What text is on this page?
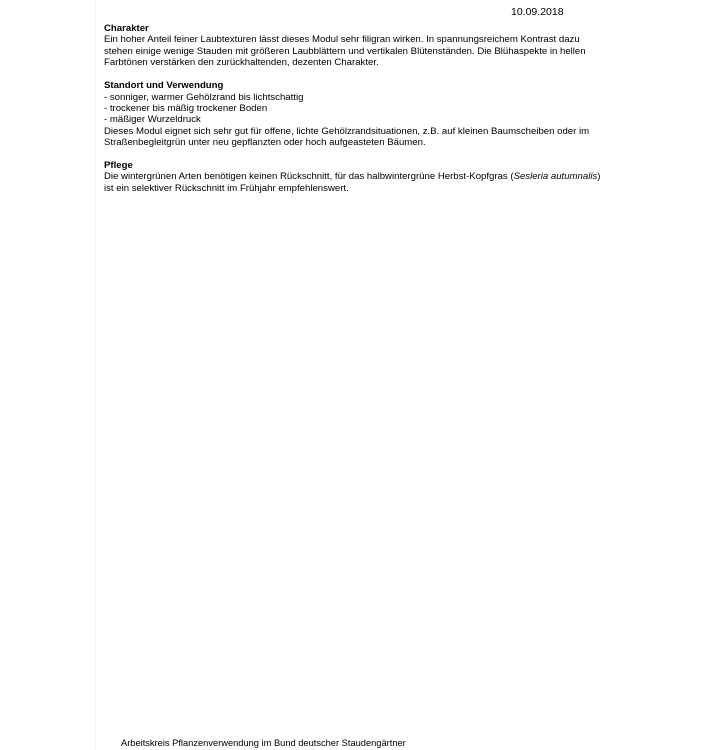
10.09.2018

Charakter

Ein hoher Anteil feiner Laubtexturen lässt dieses Modul sehr filigran wirken. In spannungsreichem Kontrast dazu

stehen einige wenige Stauden mit größeren Laubblättern und vertikalen Blütenständen. Die Blühaspekte in hellen

Farbtönen verstärken den zurückhaltenden, dezenten Charakter.

Standort und Verwendung

- sonniger, warmer Gehölzrand bis lichtschattig
- trockener bis mäßig trockener Boden
- mäßiger Wurzeldruck

Dieses Modul eignet sich sehr gut für offene, lichte Gehölzrandsituationen, z.B. auf kleinen Baumscheiben oder im

Straßenbegleitgrün unter neu gepflanzten oder hoch aufgeasteten Bäumen.

Pflege

Die wintergrünen Arten benötigen keinen Rückschnitt, für das halbwintergrüne Herbst-Kopfgras (Sesleria autumnalis)

ist ein selektiver Rückschnitt im Frühjahr empfehlenswert.

Arbeitskreis Pflanzenverwendung im Bund deutscher Staudengärtner
